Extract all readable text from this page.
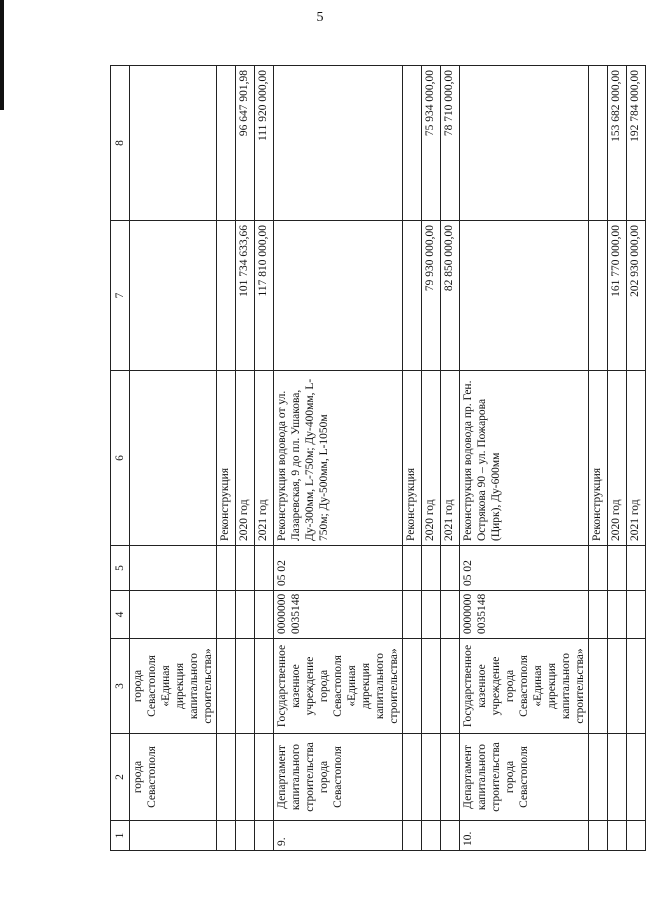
5
1	2	3	4	5	6	7	8
	города Севастополя	города Севастополя «Единая дирекция капитального строительства»					
					Реконструкция		
					2020 год	101 734 633,66	96 647 901,98
					2021 год	117 810 000,00	111 920 000,00
9.	Департамент капитального строительства города Севастополя	Государственное казенное учреждение города Севастополя «Единая дирекция капитального строительства»	0000000 0035148	05 02	Реконструкция водовода от ул. Лазаревская, 9 до пл. Ушакова, Ду-300мм, L-750м; Ду-400мм, L-750м; Ду-500мм, L-1050м		
					Реконструкция		
					2020 год	79 930 000,00	75 934 000,00
					2021 год	82 850 000,00	78 710 000,00
10.	Департамент капитального строительства города Севастополя	Государственное казенное учреждение города Севастополя «Единая дирекция капитального строительства»	0000000 0035148	05 02	Реконструкция водовода пр. Ген. Острякова 90 – ул. Пожарова (Цирк), Ду-600мм		
					Реконструкция		
					2020 год	161 770 000,00	153 682 000,00
					2021 год	202 930 000,00	192 784 000,00
